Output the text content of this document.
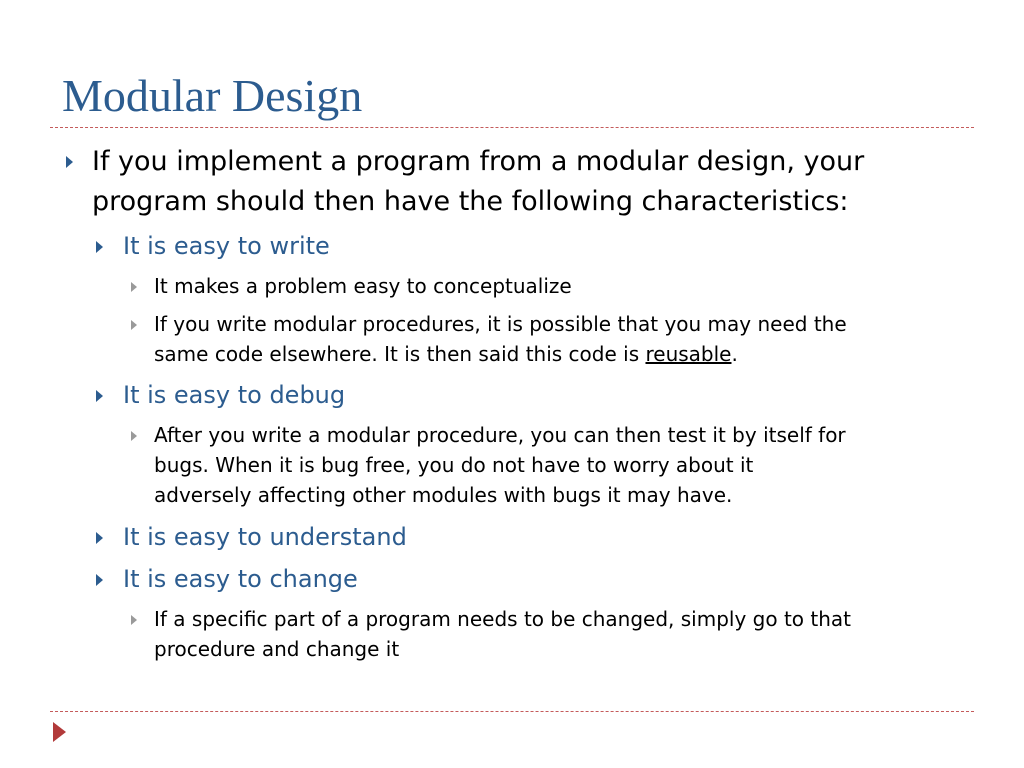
Modular Design
If you implement a program from a modular design, your
program should then have the following characteristics:
It is easy to write
It makes a problem easy to conceptualize
If you write modular procedures, it is possible that you may need the
same code elsewhere. It is then said this code is reusable.
It is easy to debug
After you write a modular procedure, you can then test it by itself for
bugs. When it is bug free, you do not have to worry about it
adversely affecting other modules with bugs it may have.
It is easy to understand
It is easy to change
If a specific part of a program needs to be changed, simply go to that
procedure and change it
